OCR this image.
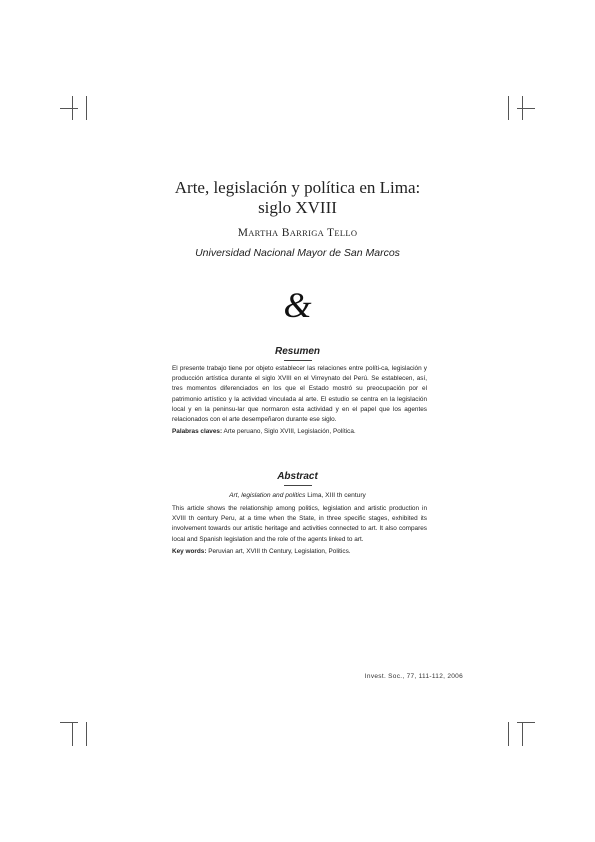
Arte, legislación y política en Lima:
siglo XVIII
MARTHA BARRIGA TELLO
Universidad Nacional Mayor de San Marcos
&
Resumen

El presente trabajo tiene por objeto establecer las relaciones entre políti-ca, legislación y producción artística durante el siglo XVIII en el Virreynato del Perú. Se establecen, así, tres momentos diferenciados en los que el Estado mostró su preocupación por el patrimonio artístico y la actividad vinculada al arte. El estudio se centra en la legislación local y en la peninsu-lar que normaron esta actividad y en el papel que los agentes relacionados con el arte desempeñaron durante ese siglo.

Palabras claves: Arte peruano, Siglo XVIII, Legislación, Política.

Abstract
Art, legislation and politics Lima, XIII th century

This article shows the relationship among politics, legislation and artistic production in XVIII th century Peru, at a time when the State, in three specific stages, exhibited its involvement towards our artistic heritage and activities connected to art. It also compares local and Spanish legislation and the role of the agents linked to art.

Key words: Peruvian art, XVIII th Century, Legislation, Politics.

Invest. Soc., 77, 111-112, 2006
